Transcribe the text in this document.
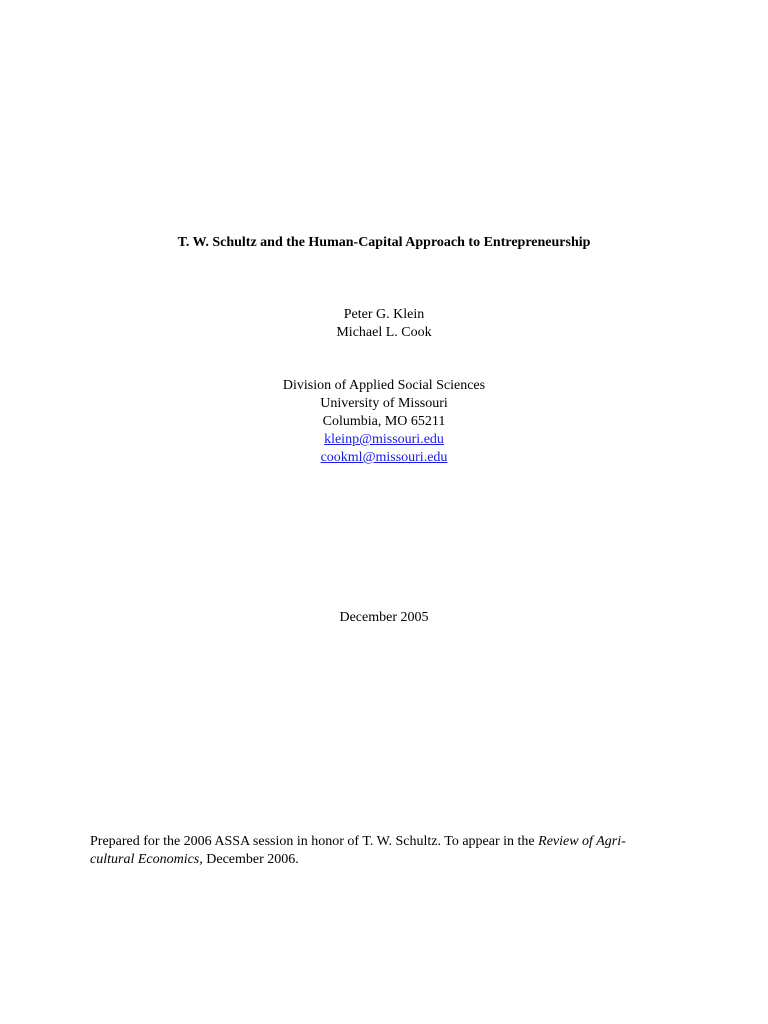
T. W. Schultz and the Human-Capital Approach to Entrepreneurship
Peter G. Klein
Michael L. Cook
Division of Applied Social Sciences
University of Missouri
Columbia, MO 65211
kleinp@missouri.edu
cookml@missouri.edu
December 2005
Prepared for the 2006 ASSA session in honor of T. W. Schultz. To appear in the Review of Agri-
cultural Economics, December 2006.
